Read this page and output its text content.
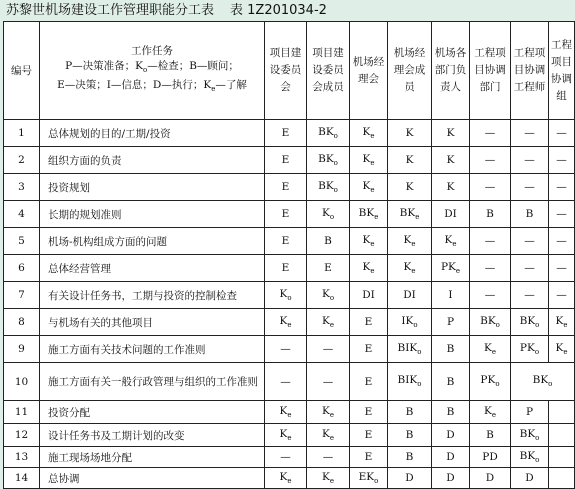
苏黎世机场建设工作管理职能分工表 表 1Z201034-2
编号	工作任务
P—决策准备；$K_o—$检查；B—顾问；
E—决策；I—信息；D—执行；$K_e—$了解	项目建设委员会	项目建设委员会成员	机场经理会	机场经理会成员	机场各部门负责人	工程项目协调部门	工程项目协调工程师	工程项目协调组
1	总体规划的目的/工期/投资	E	$BK_o$	$K_e$	K	K	—	—	—
2	组织方面的负责	E	$BK_o$	$K_e$	K	K	—	—	—
3	投资规划	E	$BK_o$	$K_e$	K	K	—	—	—
4	长期的规划准则	E	$K_o$	$BK_e$	$BK_e$	DI	B	B	—
5	机场-机构组成方面的问题	E	B	$K_e$	$K_e$	$K_e$	—	—	—
6	总体经营管理	E	E	$K_e$	$K_e$	$PK_e$	—	—	—
7	有关设计任务书，工期与投资的控制检查	$K_o$	$K_o$	DI	DI	I	—	—	—
8	与机场有关的其他项目	$K_e$	$K_e$	E	$IK_o$	P	$BK_o$	$BK_o$	$K_e$
9	施工方面有关技术问题的工作准则	—	—	E	$BIK_o$	B	$K_e$	$PK_o$	$K_e$
10	施工方面有关一般行政管理与组织的工作准则	—	—	E	$BIK_o$	B	$PK_o$	$BK_o$
11	投资分配	$K_e$	$K_e$	E	B	B	$K_e$	P	
12	设计任务书及工期计划的改变	$K_e$	$K_e$	E	B	D	B	$BK_o$	
13	施工现场场地分配	—	—	E	B	D	PD	$BK_o$	
14	总协调	$K_e$	$K_e$	$EK_o$	D	D	D	D	
